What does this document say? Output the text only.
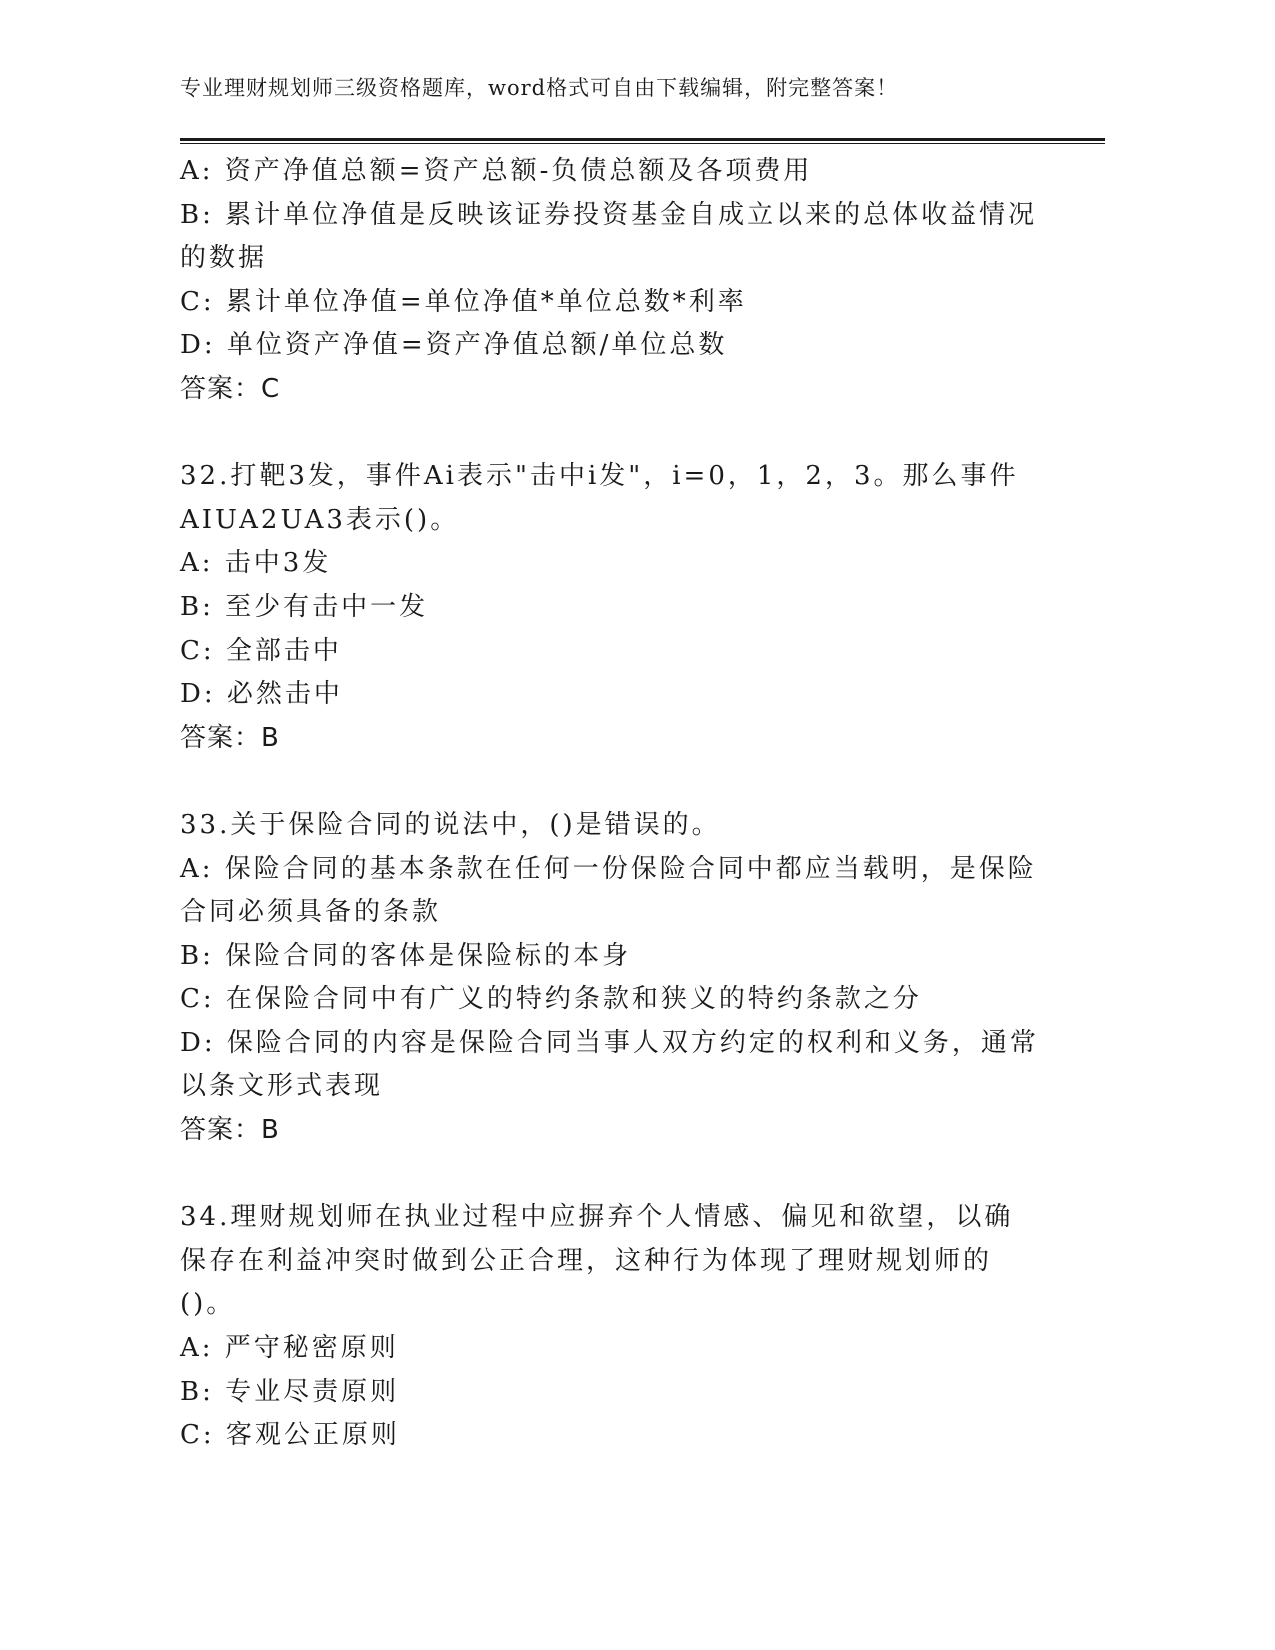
专业理财规划师三级资格题库，word格式可自由下载编辑，附完整答案！

A: 资产净值总额=资产总额-负债总额及各项费用

B: 累计单位净值是反映该证券投资基金自成立以来的总体收益情况的数据

C: 累计单位净值=单位净值*单位总数*利率

D: 单位资产净值=资产净值总额/单位总数

答案：C

32.打靶3发，事件Ai表示"击中i发"，i=0，1，2，3。那么事件AIUA2UA3表示()。

A: 击中3发

B: 至少有击中一发

C: 全部击中

D: 必然击中

答案：B

33.关于保险合同的说法中，()是错误的。

A: 保险合同的基本条款在任何一份保险合同中都应当载明，是保险合同必须具备的条款

B: 保险合同的客体是保险标的本身

C: 在保险合同中有广义的特约条款和狭义的特约条款之分

D: 保险合同的内容是保险合同当事人双方约定的权利和义务，通常以条文形式表现

答案：B

34.理财规划师在执业过程中应摒弃个人情感、偏见和欲望，以确保存在利益冲突时做到公正合理，这种行为体现了理财规划师的()。

A: 严守秘密原则

B: 专业尽责原则

C: 客观公正原则
